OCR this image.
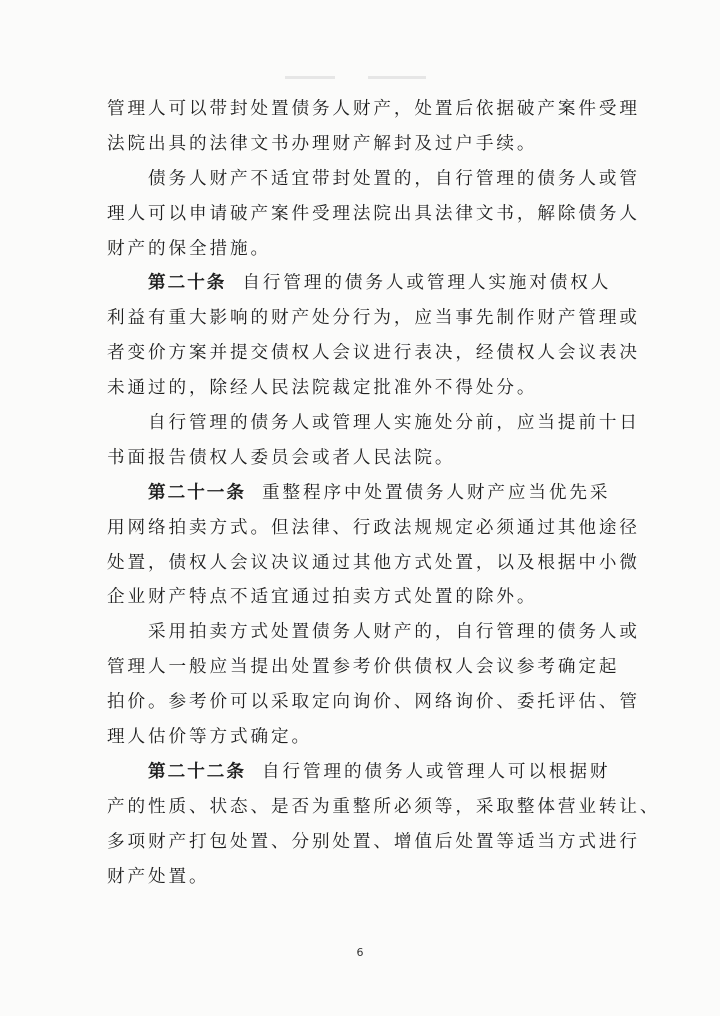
管理人可以带封处置债务人财产，处置后依据破产案件受理
法院出具的法律文书办理财产解封及过户手续。
债务人财产不适宜带封处置的，自行管理的债务人或管
理人可以申请破产案件受理法院出具法律文书，解除债务人
财产的保全措施。
第二十条 自行管理的债务人或管理人实施对债权人
利益有重大影响的财产处分行为，应当事先制作财产管理或
者变价方案并提交债权人会议进行表决，经债权人会议表决
未通过的，除经人民法院裁定批准外不得处分。
自行管理的债务人或管理人实施处分前，应当提前十日
书面报告债权人委员会或者人民法院。
第二十一条 重整程序中处置债务人财产应当优先采
用网络拍卖方式。但法律、行政法规规定必须通过其他途径
处置，债权人会议决议通过其他方式处置，以及根据中小微
企业财产特点不适宜通过拍卖方式处置的除外。
采用拍卖方式处置债务人财产的，自行管理的债务人或
管理人一般应当提出处置参考价供债权人会议参考确定起
拍价。参考价可以采取定向询价、网络询价、委托评估、管
理人估价等方式确定。
第二十二条 自行管理的债务人或管理人可以根据财
产的性质、状态、是否为重整所必须等，采取整体营业转让、
多项财产打包处置、分别处置、增值后处置等适当方式进行
财产处置。
6
